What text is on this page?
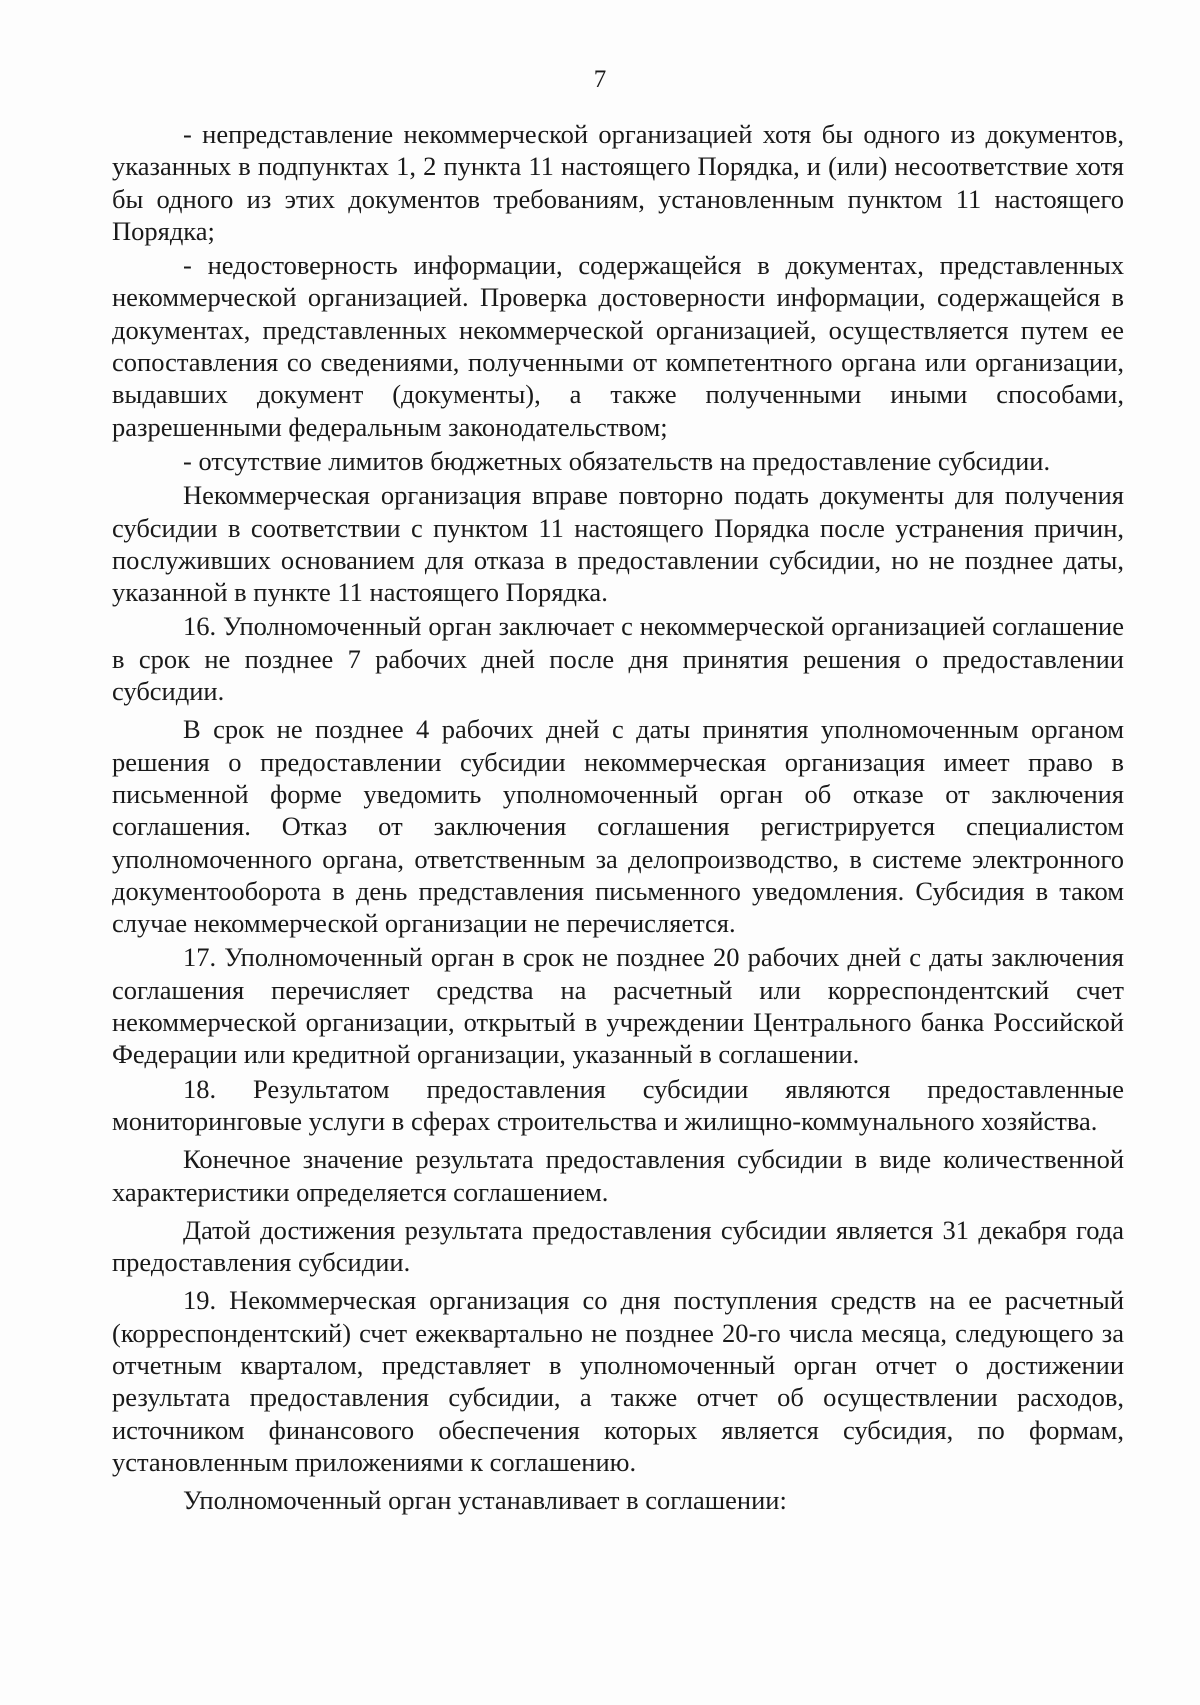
7

- непредставление некоммерческой организацией хотя бы одного из документов, указанных в подпунктах 1, 2 пункта 11 настоящего Порядка, и (или) несоответствие хотя бы одного из этих документов требованиям, установленным пунктом 11 настоящего Порядка;

- недостоверность информации, содержащейся в документах, представленных некоммерческой организацией. Проверка достоверности информации, содержащейся в документах, представленных некоммерческой организацией, осуществляется путем ее сопоставления со сведениями, полученными от компетентного органа или организации, выдавших документ (документы), а также полученными иными способами, разрешенными федеральным законодательством;

- отсутствие лимитов бюджетных обязательств на предоставление субсидии.

Некоммерческая организация вправе повторно подать документы для получения субсидии в соответствии с пунктом 11 настоящего Порядка после устранения причин, послуживших основанием для отказа в предоставлении субсидии, но не позднее даты, указанной в пункте 11 настоящего Порядка.

16. Уполномоченный орган заключает с некоммерческой организацией соглашение в срок не позднее 7 рабочих дней после дня принятия решения о предоставлении субсидии.

В срок не позднее 4 рабочих дней с даты принятия уполномоченным органом решения о предоставлении субсидии некоммерческая организация имеет право в письменной форме уведомить уполномоченный орган об отказе от заключения соглашения. Отказ от заключения соглашения регистрируется специалистом уполномоченного органа, ответственным за делопроизводство, в системе электронного документооборота в день представления письменного уведомления. Субсидия в таком случае некоммерческой организации не перечисляется.

17. Уполномоченный орган в срок не позднее 20 рабочих дней с даты заключения соглашения перечисляет средства на расчетный или корреспондентский счет некоммерческой организации, открытый в учреждении Центрального банка Российской Федерации или кредитной организации, указанный в соглашении.

18. Результатом предоставления субсидии являются предоставленные мониторинговые услуги в сферах строительства и жилищно-коммунального хозяйства.

Конечное значение результата предоставления субсидии в виде количественной характеристики определяется соглашением.

Датой достижения результата предоставления субсидии является 31 декабря года предоставления субсидии.

19. Некоммерческая организация со дня поступления средств на ее расчетный (корреспондентский) счет ежеквартально не позднее 20-го числа месяца, следующего за отчетным кварталом, представляет в уполномоченный орган отчет о достижении результата предоставления субсидии, а также отчет об осуществлении расходов, источником финансового обеспечения которых является субсидия, по формам, установленным приложениями к соглашению.

Уполномоченный орган устанавливает в соглашении:
